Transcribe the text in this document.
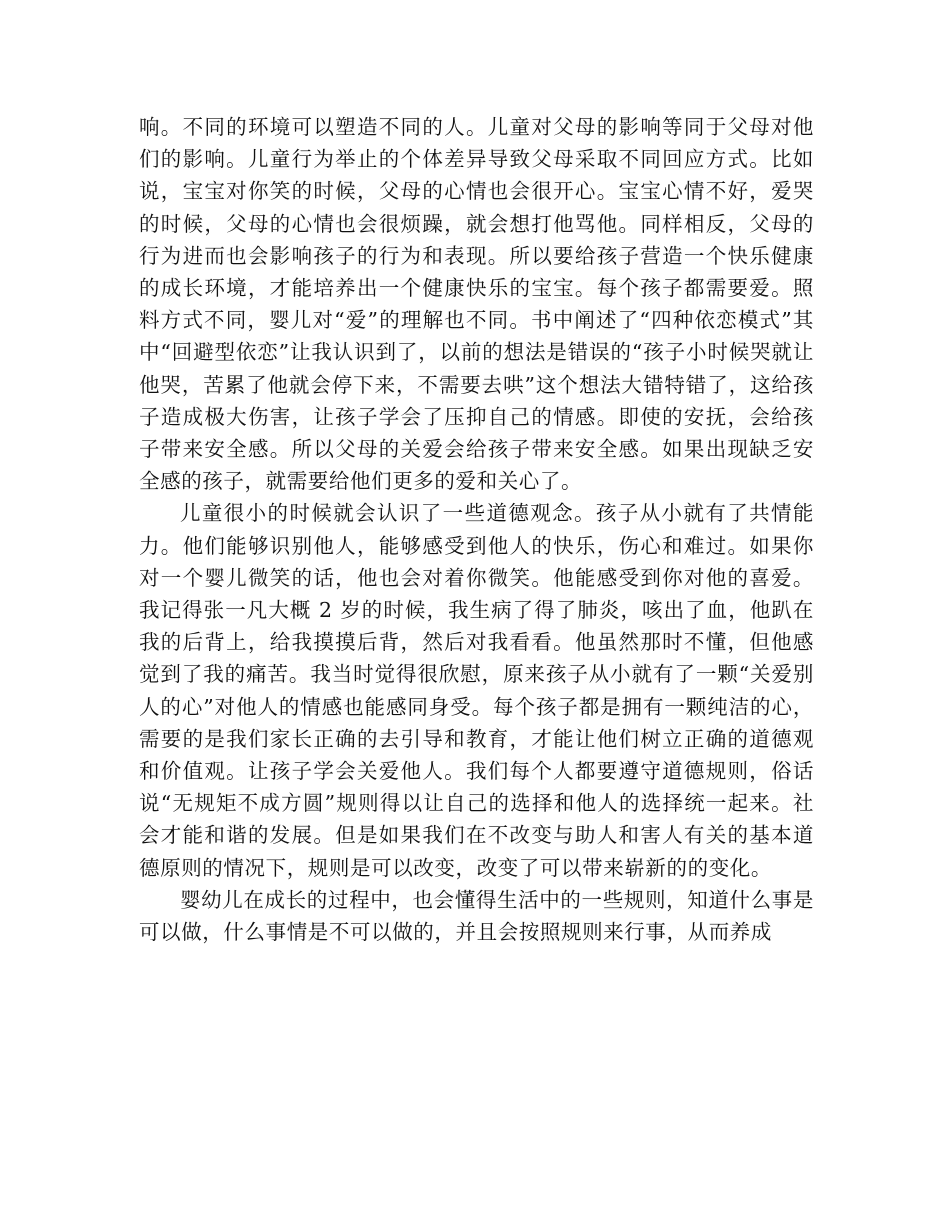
响。不同的环境可以塑造不同的人。儿童对父母的影响等同于父母对他们的影响。儿童行为举止的个体差异导致父母采取不同回应方式。比如说，宝宝对你笑的时候，父母的心情也会很开心。宝宝心情不好，爱哭的时候，父母的心情也会很烦躁，就会想打他骂他。同样相反，父母的行为进而也会影响孩子的行为和表现。所以要给孩子营造一个快乐健康的成长环境，才能培养出一个健康快乐的宝宝。每个孩子都需要爱。照料方式不同，婴儿对“爱”的理解也不同。书中阐述了“四种依恋模式”其中“回避型依恋”让我认识到了，以前的想法是错误的“孩子小时候哭就让他哭，苦累了他就会停下来，不需要去哄”这个想法大错特错了，这给孩子造成极大伤害，让孩子学会了压抑自己的情感。即使的安抚，会给孩子带来安全感。所以父母的关爱会给孩子带来安全感。如果出现缺乏安全感的孩子，就需要给他们更多的爱和关心了。

儿童很小的时候就会认识了一些道德观念。孩子从小就有了共情能力。他们能够识别他人，能够感受到他人的快乐，伤心和难过。如果你对一个婴儿微笑的话，他也会对着你微笑。他能感受到你对他的喜爱。我记得张一凡大概 2 岁的时候，我生病了得了肺炎，咳出了血，他趴在我的后背上，给我摸摸后背，然后对我看看。他虽然那时不懂，但他感觉到了我的痛苦。我当时觉得很欣慰，原来孩子从小就有了一颗“关爱别人的心”对他人的情感也能感同身受。每个孩子都是拥有一颗纯洁的心，需要的是我们家长正确的去引导和教育，才能让他们树立正确的道德观和价值观。让孩子学会关爱他人。我们每个人都要遵守道德规则，俗话说“无规矩不成方圆”规则得以让自己的选择和他人的选择统一起来。社会才能和谐的发展。但是如果我们在不改变与助人和害人有关的基本道德原则的情况下，规则是可以改变，改变了可以带来崭新的的变化。

婴幼儿在成长的过程中，也会懂得生活中的一些规则，知道什么事是可以做，什么事情是不可以做的，并且会按照规则来行事，从而养成
